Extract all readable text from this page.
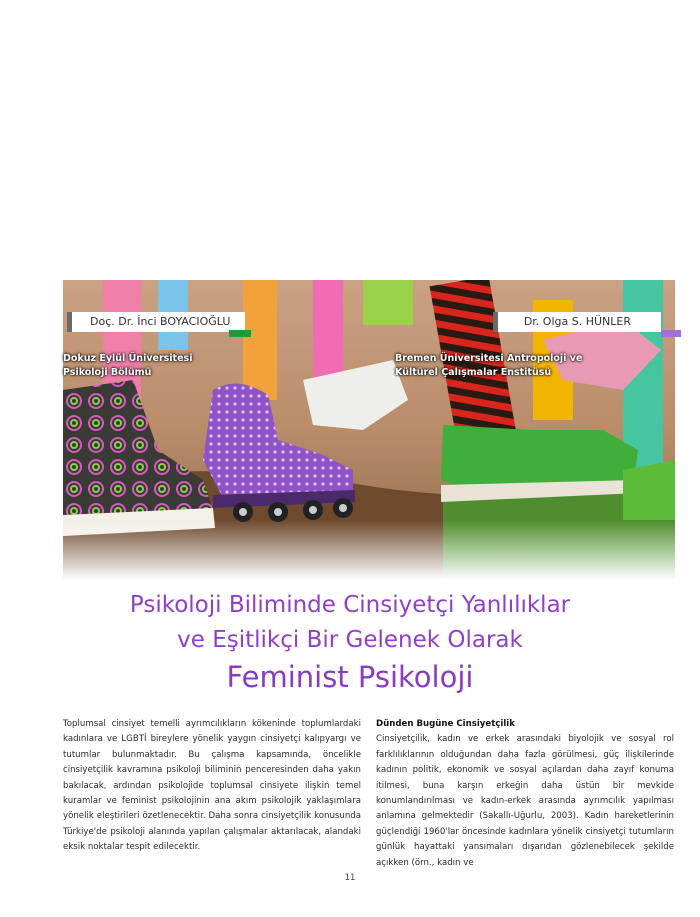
Doç. Dr. İnci BOYACIOĞLU	Dr. Olga S. HÜNLER
Dokuz Eylül Üniversitesi
Psikoloji Bölümü
Bremen Üniversitesi Antropoloji ve
Kültürel Çalışmalar Enstitüsü
Psikoloji Biliminde Cinsiyetçi Yanlılıklar
ve Eşitlikçi Bir Gelenek Olarak
Feminist Psikoloji
Toplumsal cinsiyet temelli ayrımcılıkların kökeninde toplumlardaki kadınlara ve LGBTİ bireylere yönelik yaygın cinsiyetçi kalıpyargı ve tutumlar bulunmaktadır. Bu çalışma kapsamında, öncelikle cinsiyetçilik kavramına psikoloji biliminin penceresinden daha yakın bakılacak, ardından psikolojide toplumsal cinsiyete ilişkin temel kuramlar ve feminist psikolojinin ana akım psikolojik yaklaşımlara yönelik eleştirileri özetlenecektir. Daha sonra cinsiyetçilik konusunda Türkiye'de psikoloji alanında yapılan çalışmalar aktarılacak, alandaki eksik noktalar tespit edilecektir.
Dünden Bugüne Cinsiyetçilik
Cinsiyetçilik, kadın ve erkek arasındaki biyolojik ve sosyal rol farklılıklarının olduğundan daha fazla görülmesi, güç ilişkilerinde kadının politik, ekonomik ve sosyal açılardan daha zayıf konuma itilmesi, buna karşın erkeğin daha üstün bir mevkide konumlandırılması ve kadın-erkek arasında ayrımcılık yapılması anlamına gelmektedir (Sakallı-Uğurlu, 2003). Kadın hareketlerinin güçlendiği 1960'lar öncesinde kadınlara yönelik cinsiyetçi tutumların günlük hayattaki yansımaları dışarıdan gözlenebilecek şekilde açıkken (örn., kadın ve
11
